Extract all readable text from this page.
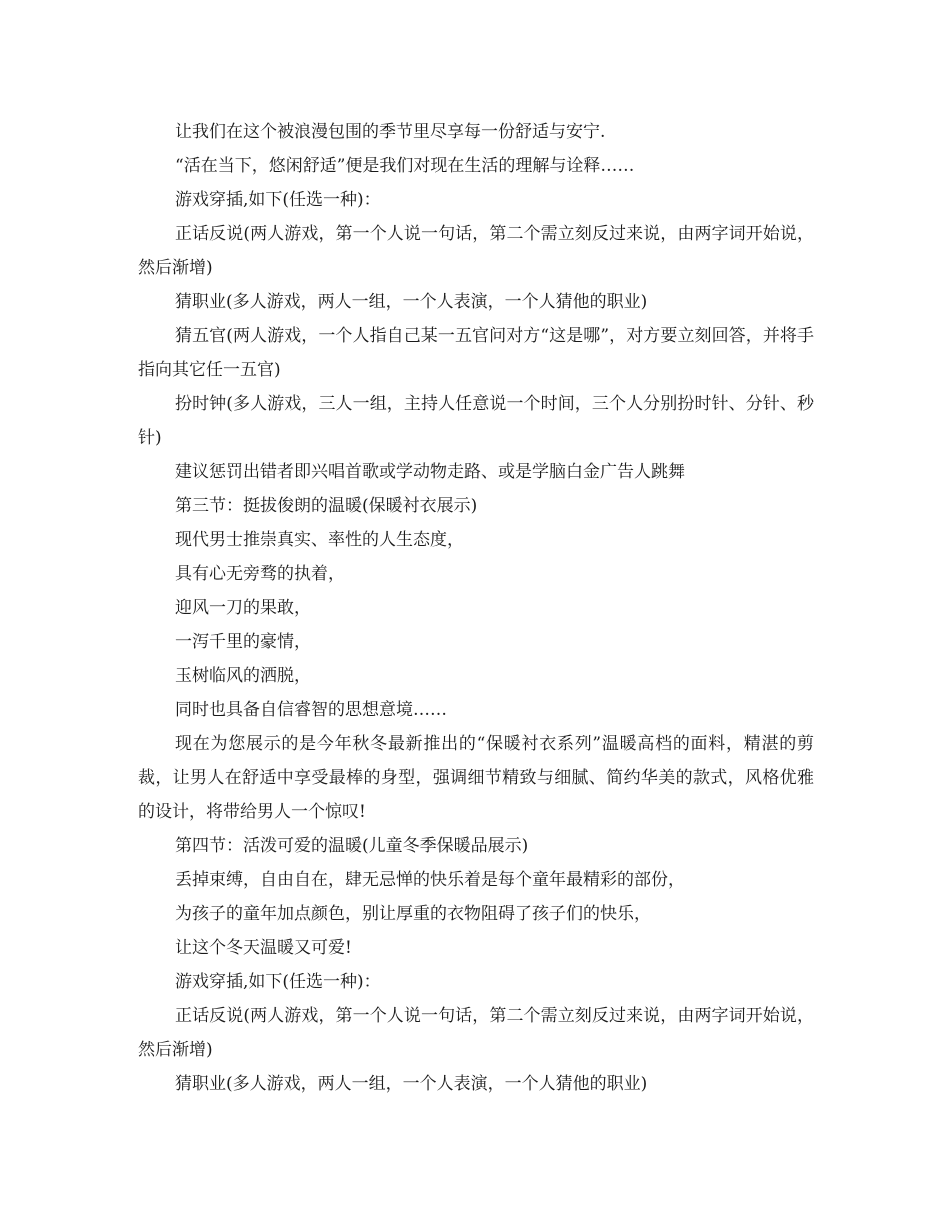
让我们在这个被浪漫包围的季节里尽享每一份舒适与安宁.

“活在当下，悠闲舒适”便是我们对现在生活的理解与诠释……

游戏穿插,如下(任选一种)：

正话反说(两人游戏，第一个人说一句话，第二个需立刻反过来说，由两字词开始说，然后渐增)

猜职业(多人游戏，两人一组，一个人表演，一个人猜他的职业)

猜五官(两人游戏，一个人指自己某一五官问对方“这是哪”，对方要立刻回答，并将手指向其它任一五官)

扮时钟(多人游戏，三人一组，主持人任意说一个时间，三个人分别扮时针、分针、秒针)

建议惩罚出错者即兴唱首歌或学动物走路、或是学脑白金广告人跳舞

第三节：挺拔俊朗的温暖(保暖衬衣展示)

现代男士推崇真实、率性的人生态度，

具有心无旁骛的执着，

迎风一刀的果敢，

一泻千里的豪情，

玉树临风的洒脱，

同时也具备自信睿智的思想意境……

现在为您展示的是今年秋冬最新推出的“保暖衬衣系列”温暖高档的面料，精湛的剪裁，让男人在舒适中享受最棒的身型，强调细节精致与细腻、简约华美的款式，风格优雅的设计，将带给男人一个惊叹!

第四节：活泼可爱的温暖(儿童冬季保暖品展示)

丢掉束缚，自由自在，肆无忌惮的快乐着是每个童年最精彩的部份，

为孩子的童年加点颜色，别让厚重的衣物阻碍了孩子们的快乐，

让这个冬天温暖又可爱!

游戏穿插,如下(任选一种)：

正话反说(两人游戏，第一个人说一句话，第二个需立刻反过来说，由两字词开始说，然后渐增)

猜职业(多人游戏，两人一组，一个人表演，一个人猜他的职业)
